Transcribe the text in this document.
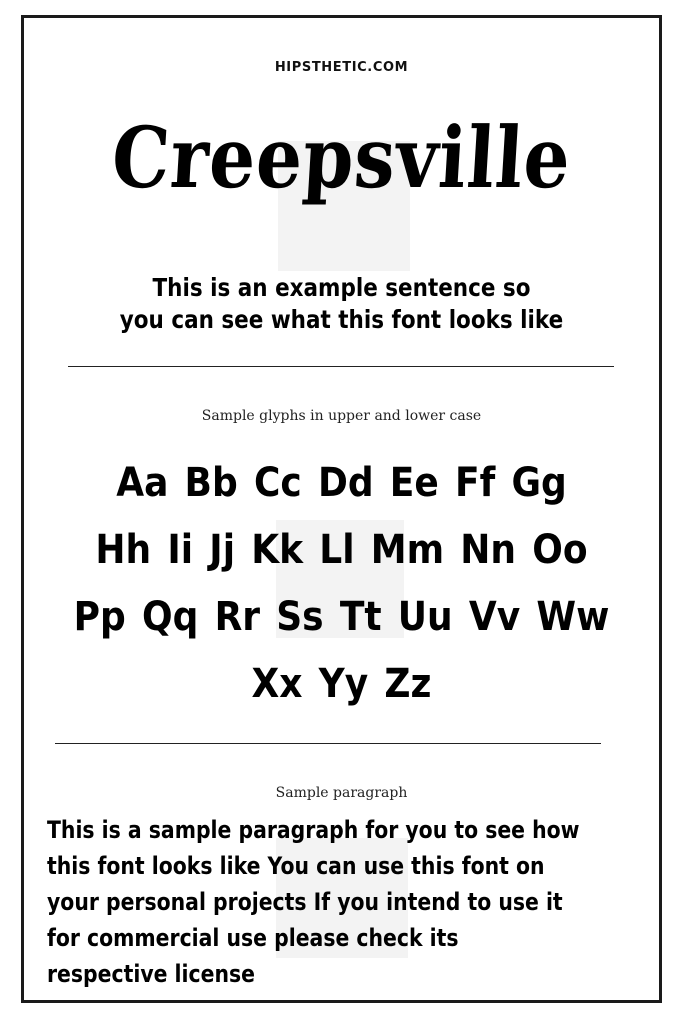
HIPSTHETIC.COM
Creepsville
This is an example sentence so
you can see what this font looks like
Sample glyphs in upper and lower case
Aa Bb Cc Dd Ee Ff Gg
Hh Ii Jj Kk Ll Mm Nn Oo
Pp Qq Rr Ss Tt Uu Vv Ww
Xx Yy Zz
Sample paragraph
This is a sample paragraph for you to see how
this font looks like You can use this font on
your personal projects If you intend to use it
for commercial use please check its
respective license
